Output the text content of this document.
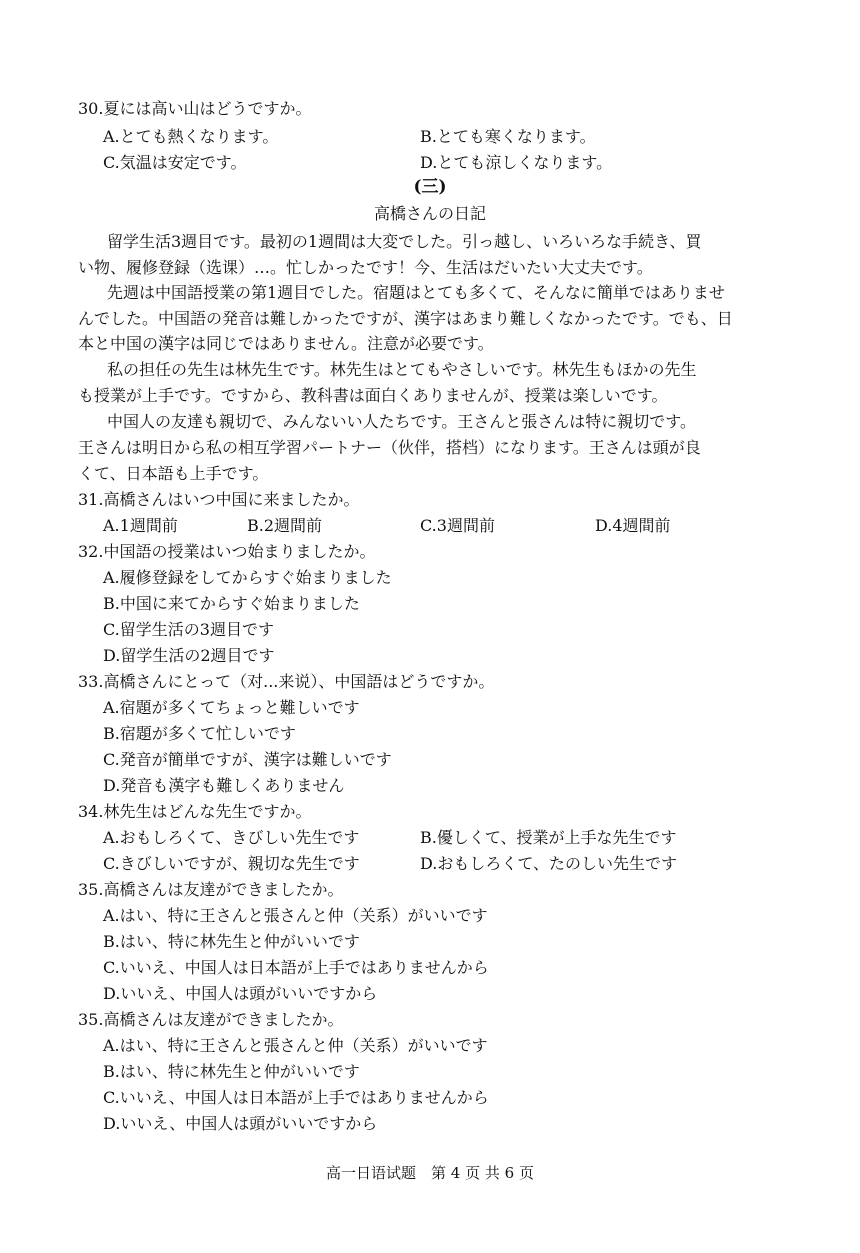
30.夏には高い山はどうですか。
A.とても熱くなります。	B.とても寒くなります。
C.気温は安定です。	D.とても涼しくなります。
(三)
高橋さんの日記
留学生活3週目です。最初の1週間は大変でした。引っ越し、いろいろな手続き、買
い物、履修登録（选课）…。忙しかったです！今、生活はだいたい大丈夫です。
先週は中国語授業の第1週目でした。宿題はとても多くて、そんなに簡単ではありませ
んでした。中国語の発音は難しかったですが、漢字はあまり難しくなかったです。でも、日
本と中国の漢字は同じではありません。注意が必要です。
私の担任の先生は林先生です。林先生はとてもやさしいです。林先生もほかの先生
も授業が上手です。ですから、教科書は面白くありませんが、授業は楽しいです。
中国人の友達も親切で、みんないい人たちです。王さんと張さんは特に親切です。
王さんは明日から私の相互学習パートナー（伙伴，搭档）になります。王さんは頭が良
くて、日本語も上手です。
31.高橋さんはいつ中国に来ましたか。
A.1週間前	B.2週間前	C.3週間前	D.4週間前
32.中国語の授業はいつ始まりましたか。
A.履修登録をしてからすぐ始まりました
B.中国に来てからすぐ始まりました
C.留学生活の3週目です
D.留学生活の2週目です
33.高橋さんにとって（对...来说）、中国語はどうですか。
A.宿題が多くてちょっと難しいです
B.宿題が多くて忙しいです
C.発音が簡単ですが、漢字は難しいです
D.発音も漢字も難しくありません
34.林先生はどんな先生ですか。
A.おもしろくて、きびしい先生です	B.優しくて、授業が上手な先生です
C.きびしいですが、親切な先生です	D.おもしろくて、たのしい先生です
35.高橋さんは友達ができましたか。
A.はい、特に王さんと張さんと仲（关系）がいいです
B.はい、特に林先生と仲がいいです
C.いいえ、中国人は日本語が上手ではありませんから
D.いいえ、中国人は頭がいいですから
35.高橋さんは友達ができましたか。
A.はい、特に王さんと張さんと仲（关系）がいいです
B.はい、特に林先生と仲がいいです
C.いいえ、中国人は日本語が上手ではありませんから
D.いいえ、中国人は頭がいいですから
高一日语试题　第 4 页 共 6 页
